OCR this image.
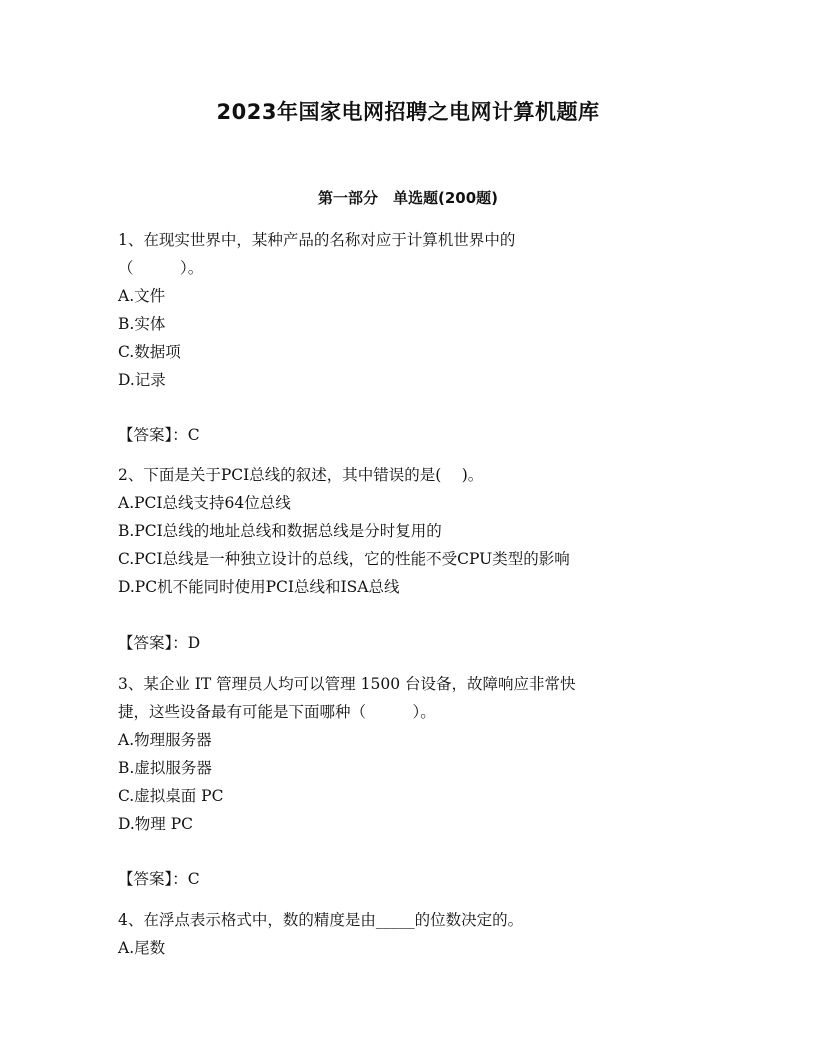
2023年国家电网招聘之电网计算机题库
第一部分　单选题(200题)
1、在现实世界中，某种产品的名称对应于计算机世界中的
（　　　）。
A.文件
B.实体
C.数据项
D.记录
【答案】：C
2、下面是关于PCI总线的叙述，其中错误的是(　 )。
A.PCI总线支持64位总线
B.PCI总线的地址总线和数据总线是分时复用的
C.PCI总线是一种独立设计的总线，它的性能不受CPU类型的影响
D.PC机不能同时使用PCI总线和ISA总线
【答案】：D
3、某企业 IT 管理员人均可以管理 1500 台设备，故障响应非常快
捷，这些设备最有可能是下面哪种（　　　）。
A.物理服务器
B.虚拟服务器
C.虚拟桌面 PC
D.物理 PC
【答案】：C
4、在浮点表示格式中，数的精度是由_____的位数决定的。
A.尾数
